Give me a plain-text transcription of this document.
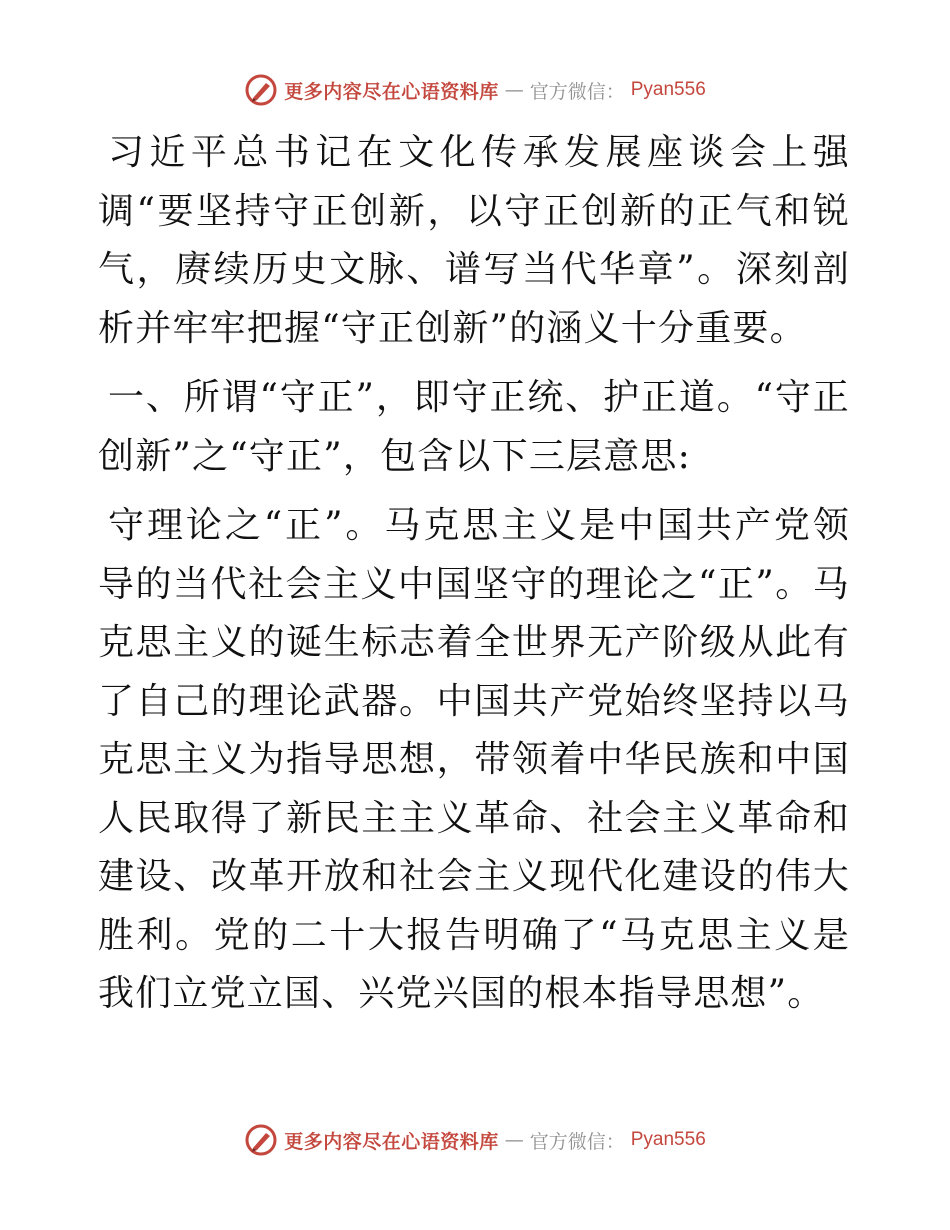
更多内容尽在心语资料库 — 官方微信： Pyan556

习近平总书记在文化传承发展座谈会上强调“要坚持守正创新，以守正创新的正气和锐气，赓续历史文脉、谱写当代华章”。深刻剖析并牢牢把握“守正创新”的涵义十分重要。

一、所谓“守正”，即守正统、护正道。“守正创新”之“守正”，包含以下三层意思:

守理论之“正”。马克思主义是中国共产党领导的当代社会主义中国坚守的理论之“正”。马克思主义的诞生标志着全世界无产阶级从此有了自己的理论武器。中国共产党始终坚持以马克思主义为指导思想，带领着中华民族和中国人民取得了新民主主义革命、社会主义革命和建设、改革开放和社会主义现代化建设的伟大胜利。党的二十大报告明确了“马克思主义是我们立党立国、兴党兴国的根本指导思想”。

更多内容尽在心语资料库 — 官方微信： Pyan556
